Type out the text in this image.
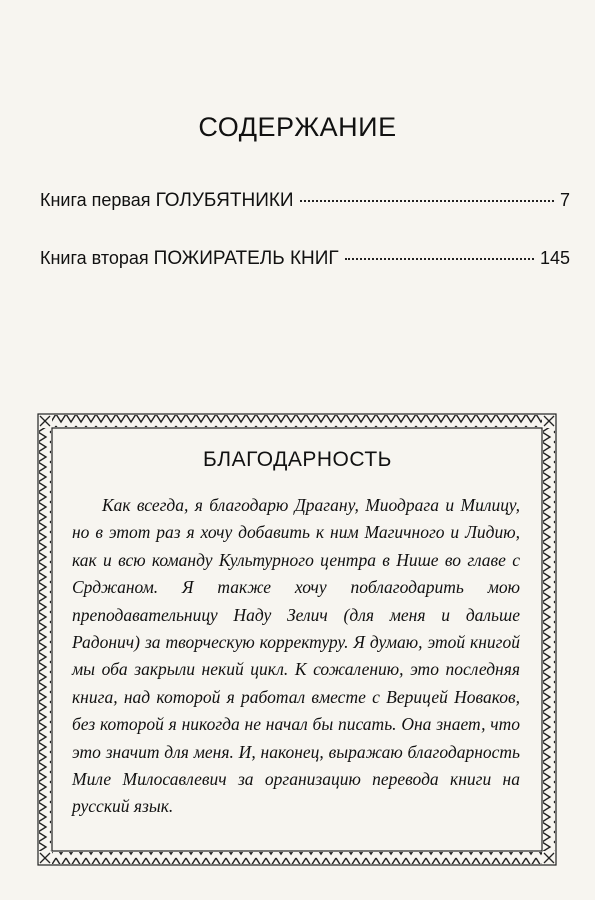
СОДЕРЖАНИЕ
Книга первая ГОЛУБЯТНИКИ	7
Книга вторая ПОЖИРАТЕЛЬ КНИГ	145
БЛАГОДАРНОСТЬ
Как всегда, я благодарю Драгану, Миодрага и Милицу, но в этот раз я хочу добавить к ним Магичного и Лидию, как и всю команду Культурного центра в Нише во главе с Срджаном. Я также хочу поблагодарить мою преподавательницу Наду Зелич (для меня и дальше Радонич) за творческую корректуру. Я думаю, этой книгой мы оба закрыли некий цикл. К сожалению, это последняя книга, над которой я работал вместе с Верицей Новаков, без которой я никогда не начал бы писать. Она знает, что это значит для меня. И, наконец, выражаю благодарность Миле Милосавлевич за организацию перевода книги на русский язык.
